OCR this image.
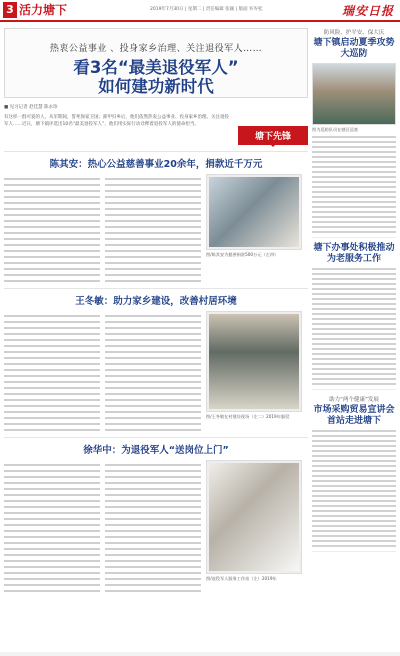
3 活力塘下	2019年7月30日 | 星期二 | 责任编辑 张颖 | 版面 弃弃松	瑞安日报
热衷公益事业 、投身家乡治理、关注退役军人……
看3名“最美退役军人”
如何建功新时代
■ 见习记者 赵佳慧 陈永珍
有这样一群可爱的人，从军期间，誓死保家卫国；卸甲归乡后，他们依然热衷公益事业、投身家乡治理、关注退役军人……近日，塘下镇评选出10名“最美退役军人”，他们用实际行动诠释着退役军人的使命担当。
塘下先锋
陈其安：热心公益慈善事业20余年，捐款近千万元
图/陈其安为慈善捐款500万元（左四）
王冬敏：助力家乡建设，改善村居环境
图/王冬敏在村建设现场（左二）2019年服役
徐华中：为退役军人“送岗位上门”
图/退役军人服务工作站（左）2019年
防风险、护平安、保大庆
塘下镇启动夏季攻势大巡防
图为巡防队员在辖区巡查
塘下办事处积极推动为老服务工作
助力“两个健康”发展
市场采购贸易宣讲会首站走进塘下
